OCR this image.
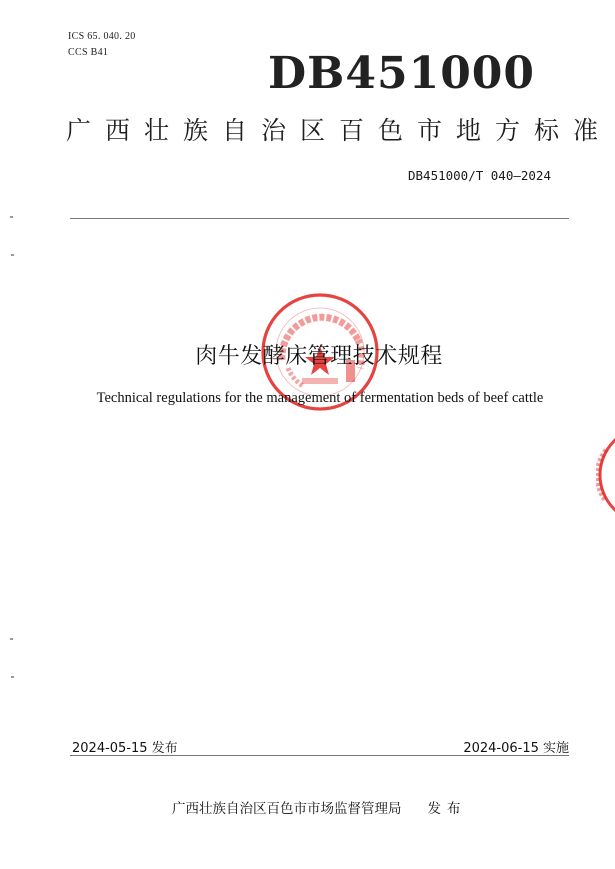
ICS 65. 040. 20
CCS B41	DB451000
广西壮族自治区百色市地方标准
DB451000/T 040—2024
肉牛发酵床管理技术规程
Technical regulations for the management of fermentation beds of beef cattle
2024-05-15 发布	2024-06-15 实施
广西壮族自治区百色市市场监督管理局 发布
